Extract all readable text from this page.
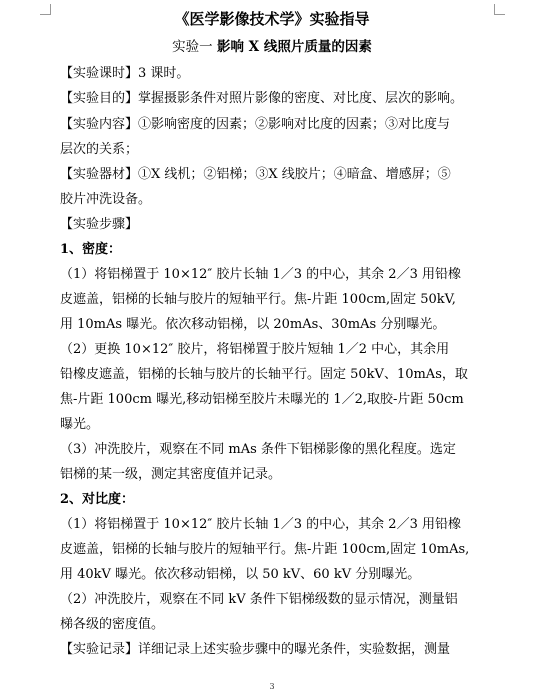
《医学影像技术学》实验指导
实验一 影响 X 线照片质量的因素
【实验课时】3 课时。
【实验目的】掌握摄影条件对照片影像的密度、对比度、层次的影响。
【实验内容】①影响密度的因素；②影响对比度的因素；③对比度与
层次的关系；
【实验器材】①X 线机；②铝梯；③X 线胶片；④暗盒、增感屏；⑤
胶片冲洗设备。
【实验步骤】
1、密度：
（1）将铝梯置于 10×12″ 胶片长轴 1／3 的中心，其余 2／3 用铅橡
皮遮盖，铝梯的长轴与胶片的短轴平行。焦-片距 100cm,固定 50kV,
用 10mAs 曝光。依次移动铝梯，以 20mAs、30mAs 分别曝光。
（2）更换 10×12″ 胶片，将铝梯置于胶片短轴 1／2 中心，其余用
铅橡皮遮盖，铝梯的长轴与胶片的长轴平行。固定 50kV、10mAs，取
焦-片距 100cm 曝光,移动铝梯至胶片未曝光的 1／2,取胶-片距 50cm
曝光。
（3）冲洗胶片，观察在不同 mAs 条件下铝梯影像的黑化程度。选定
铝梯的某一级，测定其密度值并记录。
2、对比度：
（1）将铝梯置于 10×12″ 胶片长轴 1／3 的中心，其余 2／3 用铅橡
皮遮盖，铝梯的长轴与胶片的短轴平行。焦-片距 100cm,固定 10mAs,
用 40kV 曝光。依次移动铝梯，以 50 kV、60 kV 分别曝光。
（2）冲洗胶片，观察在不同 kV 条件下铝梯级数的显示情况，测量铝
梯各级的密度值。
【实验记录】详细记录上述实验步骤中的曝光条件，实验数据，测量
3
